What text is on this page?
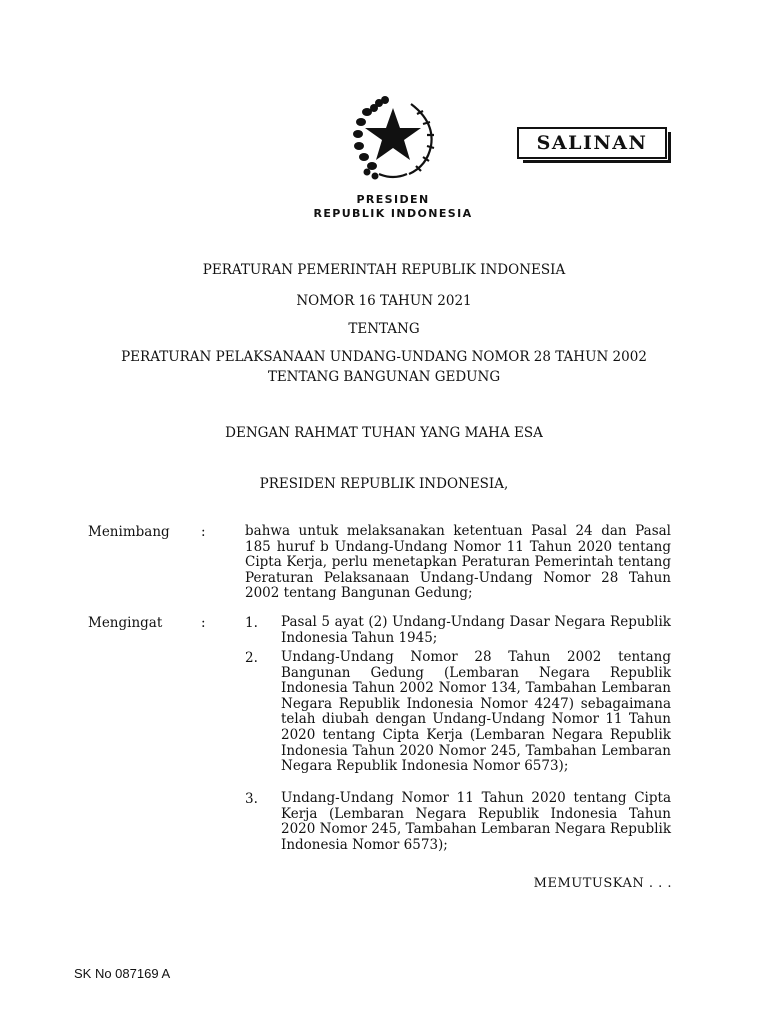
SALINAN
PRESIDEN
REPUBLIK INDONESIA
PERATURAN PEMERINTAH REPUBLIK INDONESIA
NOMOR 16 TAHUN 2021
TENTANG
PERATURAN PELAKSANAAN UNDANG-UNDANG NOMOR 28 TAHUN 2002
TENTANG BANGUNAN GEDUNG
DENGAN RAHMAT TUHAN YANG MAHA ESA
PRESIDEN REPUBLIK INDONESIA,
Menimbang :	bahwa untuk melaksanakan ketentuan Pasal 24 dan Pasal 185 huruf b Undang-Undang Nomor 11 Tahun 2020 tentang Cipta Kerja, perlu menetapkan Peraturan Pemerintah tentang Peraturan Pelaksanaan Undang-Undang Nomor 28 Tahun 2002 tentang Bangunan Gedung;

Mengingat	:	1. Pasal 5 ayat (2) Undang-Undang Dasar Negara Republik Indonesia Tahun 1945;

2. Undang-Undang Nomor 28 Tahun 2002 tentang Bangunan Gedung (Lembaran Negara Republik Indonesia Tahun 2002 Nomor 134, Tambahan Lembaran Negara Republik Indonesia Nomor 4247) sebagaimana telah diubah dengan Undang-Undang Nomor 11 Tahun 2020 tentang Cipta Kerja (Lembaran Negara Republik Indonesia Tahun 2020 Nomor 245, Tambahan Lembaran Negara Republik Indonesia Nomor 6573);

3. Undang-Undang Nomor 11 Tahun 2020 tentang Cipta Kerja (Lembaran Negara Republik Indonesia Tahun 2020 Nomor 245, Tambahan Lembaran Negara Republik Indonesia Nomor 6573);

MEMUTUSKAN . . .
SK No 087169 A
